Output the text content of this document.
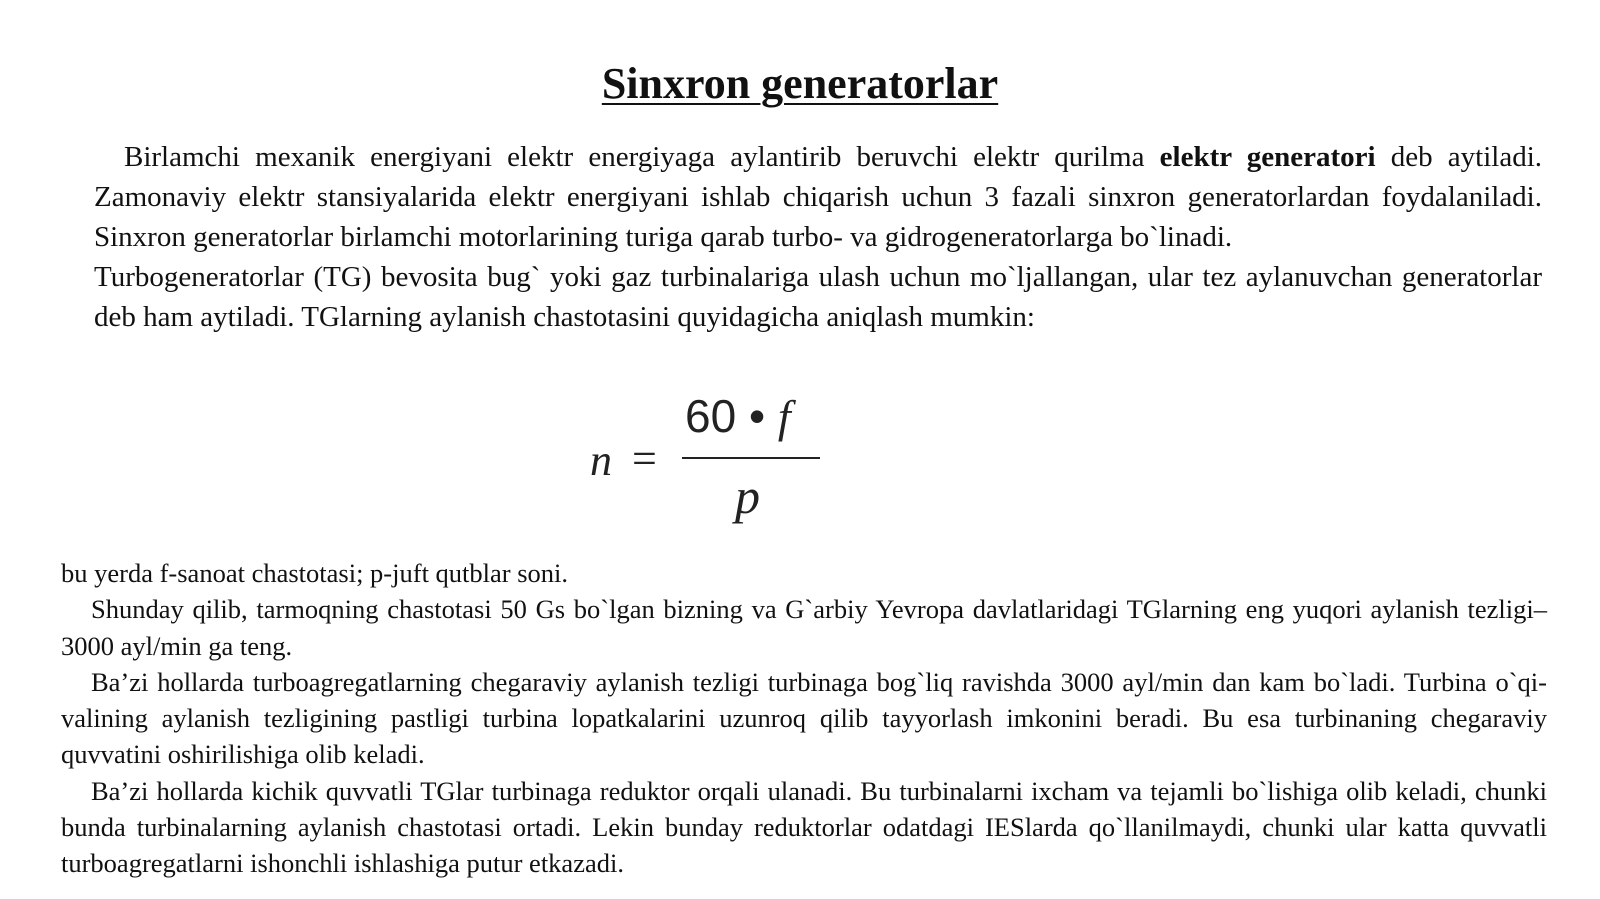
Sinxron generatorlar

Birlamchi mexanik energiyani elektr energiyaga aylantirib beruvchi elektr qurilma elektr generatori deb aytiladi. Zamonaviy elektr stansiyalarida elektr energiyani ishlab chiqarish uchun 3 fazali sinxron generatorlardan foydalaniladi. Sinxron generatorlar birlamchi motorlarining turiga qarab turbo- va gidrogeneratorlarga bo`linadi.

Turbogeneratorlar (TG) bevosita bug` yoki gaz turbinalariga ulash uchun mo`ljallangan, ular tez aylanuvchan generatorlar deb ham aytiladi. TGlarning aylanish chastotasini quyidagicha aniqlash mumkin:

n =
60 • f
p

bu yerda f-sanoat chastotasi; p-juft qutblar soni.

Shunday qilib, tarmoqning chastotasi 50 Gs bo`lgan bizning va G`arbiy Yevropa davlatlaridagi TGlarning eng yuqori aylanish tezligi–3000 ayl/min ga teng.

Ba’zi hollarda turboagregatlarning chegaraviy aylanish tezligi turbinaga bog`liq ravishda 3000 ayl/min dan kam bo`ladi. Turbina o`qi-valining aylanish tezligining pastligi turbina lopatkalarini uzunroq qilib tayyorlash imkonini beradi. Bu esa turbinaning chegaraviy quvvatini oshirilishiga olib keladi.

Ba’zi hollarda kichik quvvatli TGlar turbinaga reduktor orqali ulanadi. Bu turbinalarni ixcham va tejamli bo`lishiga olib keladi, chunki bunda turbinalarning aylanish chastotasi ortadi. Lekin bunday reduktorlar odatdagi IESlarda qo`llanilmaydi, chunki ular katta quvvatli turboagregatlarni ishonchli ishlashiga putur etkazadi.
